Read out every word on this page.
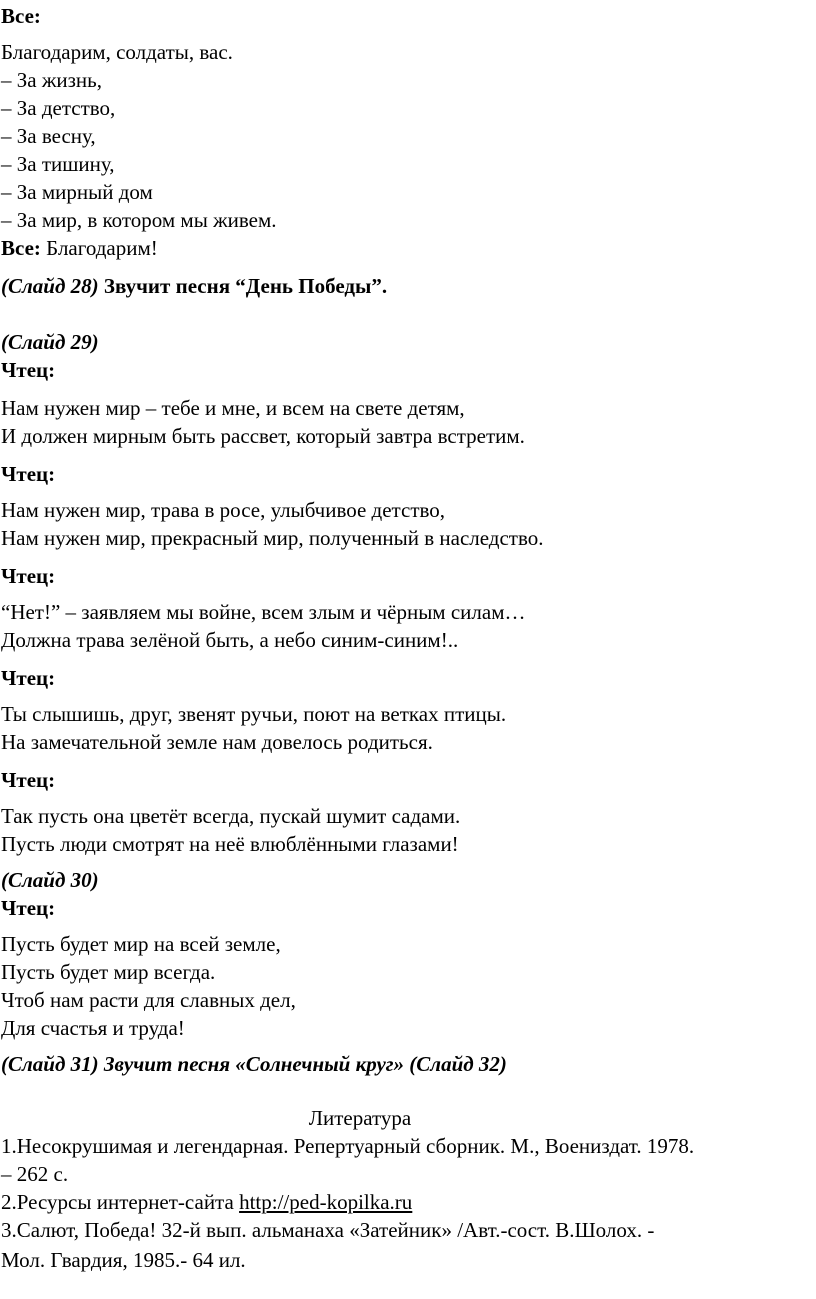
Все:
Благодарим, солдаты, вас.
– За жизнь,
– За детство,
– За весну,
– За тишину,
– За мирный дом
– За мир, в котором мы живем.
Все: Благодарим!
(Слайд 28) Звучит песня “День Победы”.
(Слайд 29)
Чтец:
Нам нужен мир – тебе и мне, и всем на свете детям,
И должен мирным быть рассвет, который завтра встретим.
Чтец:
Нам нужен мир, трава в росе, улыбчивое детство,
Нам нужен мир, прекрасный мир, полученный в наследство.
Чтец:
“Нет!” – заявляем мы войне, всем злым и чёрным силам…
Должна трава зелёной быть, а небо синим-синим!..
Чтец:
Ты слышишь, друг, звенят ручьи, поют на ветках птицы.
На замечательной земле нам довелось родиться.
Чтец:
Так пусть она цветёт всегда, пускай шумит садами.
Пусть люди смотрят на неё влюблёнными глазами!
(Слайд 30)
Чтец:
Пусть будет мир на всей земле,
Пусть будет мир всегда.
Чтоб нам расти для славных дел,
Для счастья и труда!
(Слайд 31) Звучит песня «Солнечный круг» (Слайд 32)
Литература
1.Несокрушимая и легендарная. Репертуарный сборник. М., Воениздат. 1978.
– 262 с.
2.Ресурсы интернет-сайта http://ped-kopilka.ru
3.Салют, Победа! 32-й вып. альманаха «Затейник» /Авт.-сост. В.Шолох. -
Мол. Гвардия, 1985.- 64 ил.
